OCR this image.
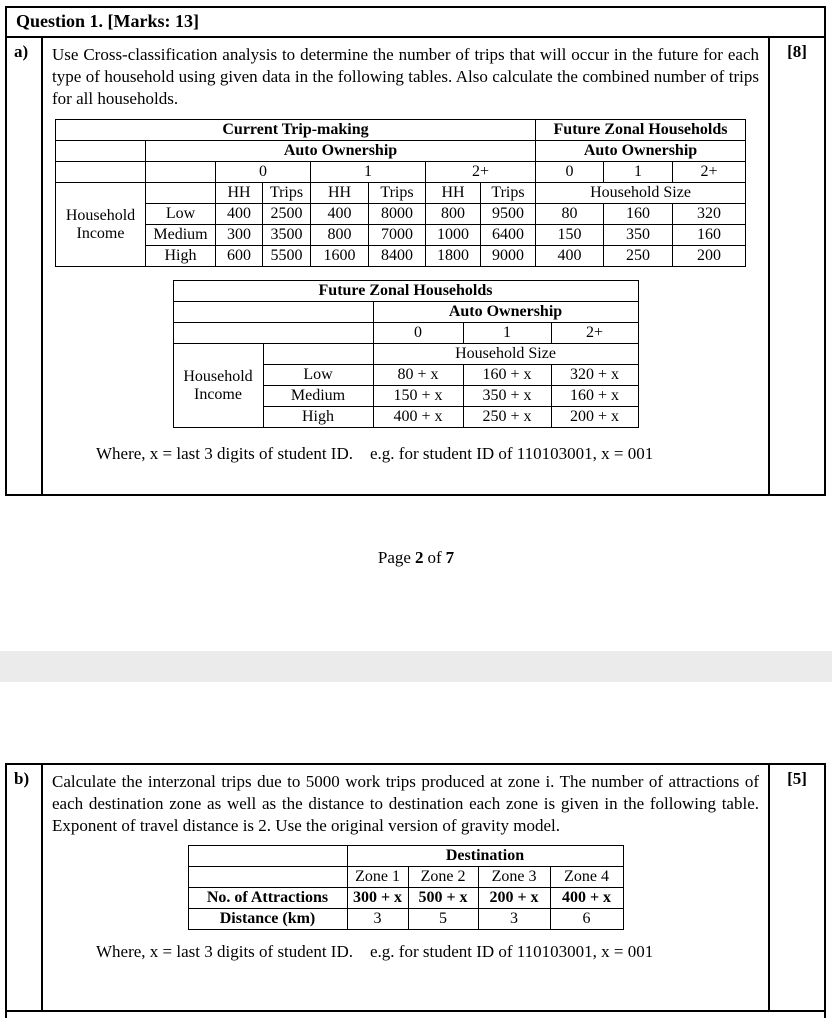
Question 1. [Marks: 13]
a)	Use Cross-classification analysis to determine the number of trips that will occur in the future for each type of household using given data in the following tables. Also calculate the combined number of trips for all households.
Current Trip-making								Future Zonal Households		
	Auto Ownership							Auto Ownership		
		0		1		2+		0	1	2+

Household
Income		HH	Trips	HH	Trips	HH	Trips	Household Size		
	Low	400	2500	400	8000	800	9500	80	160	320
	Medium	300	3500	800	7000	1000	6400	150	350	160
	High	600	5500	1600	8400	1800	9000	400	250	200
Future Zonal Households				
		Auto Ownership		
		0	1	2+

Household
Income		Household Size		
	Low	80 + x	160 + x	320 + x
	Medium	150 + x	350 + x	160 + x
	High	400 + x	250 + x	200 + x
Where, x = last 3 digits of student ID. e.g. for student ID of 110103001, x = 001
[8]
Page 2 of 7
b)	Calculate the interzonal trips due to 5000 work trips produced at zone i. The number of attractions of each destination zone as well as the distance to destination each zone is given in the following table. Exponent of travel distance is 2. Use the original version of gravity model.
	Destination			
	Zone 1	Zone 2	Zone 3	Zone 4
No. of Attractions	300 + x	500 + x	200 + x	400 + x
Distance (km)	3	5	3	6
Where, x = last 3 digits of student ID. e.g. for student ID of 110103001, x = 001
[5]
